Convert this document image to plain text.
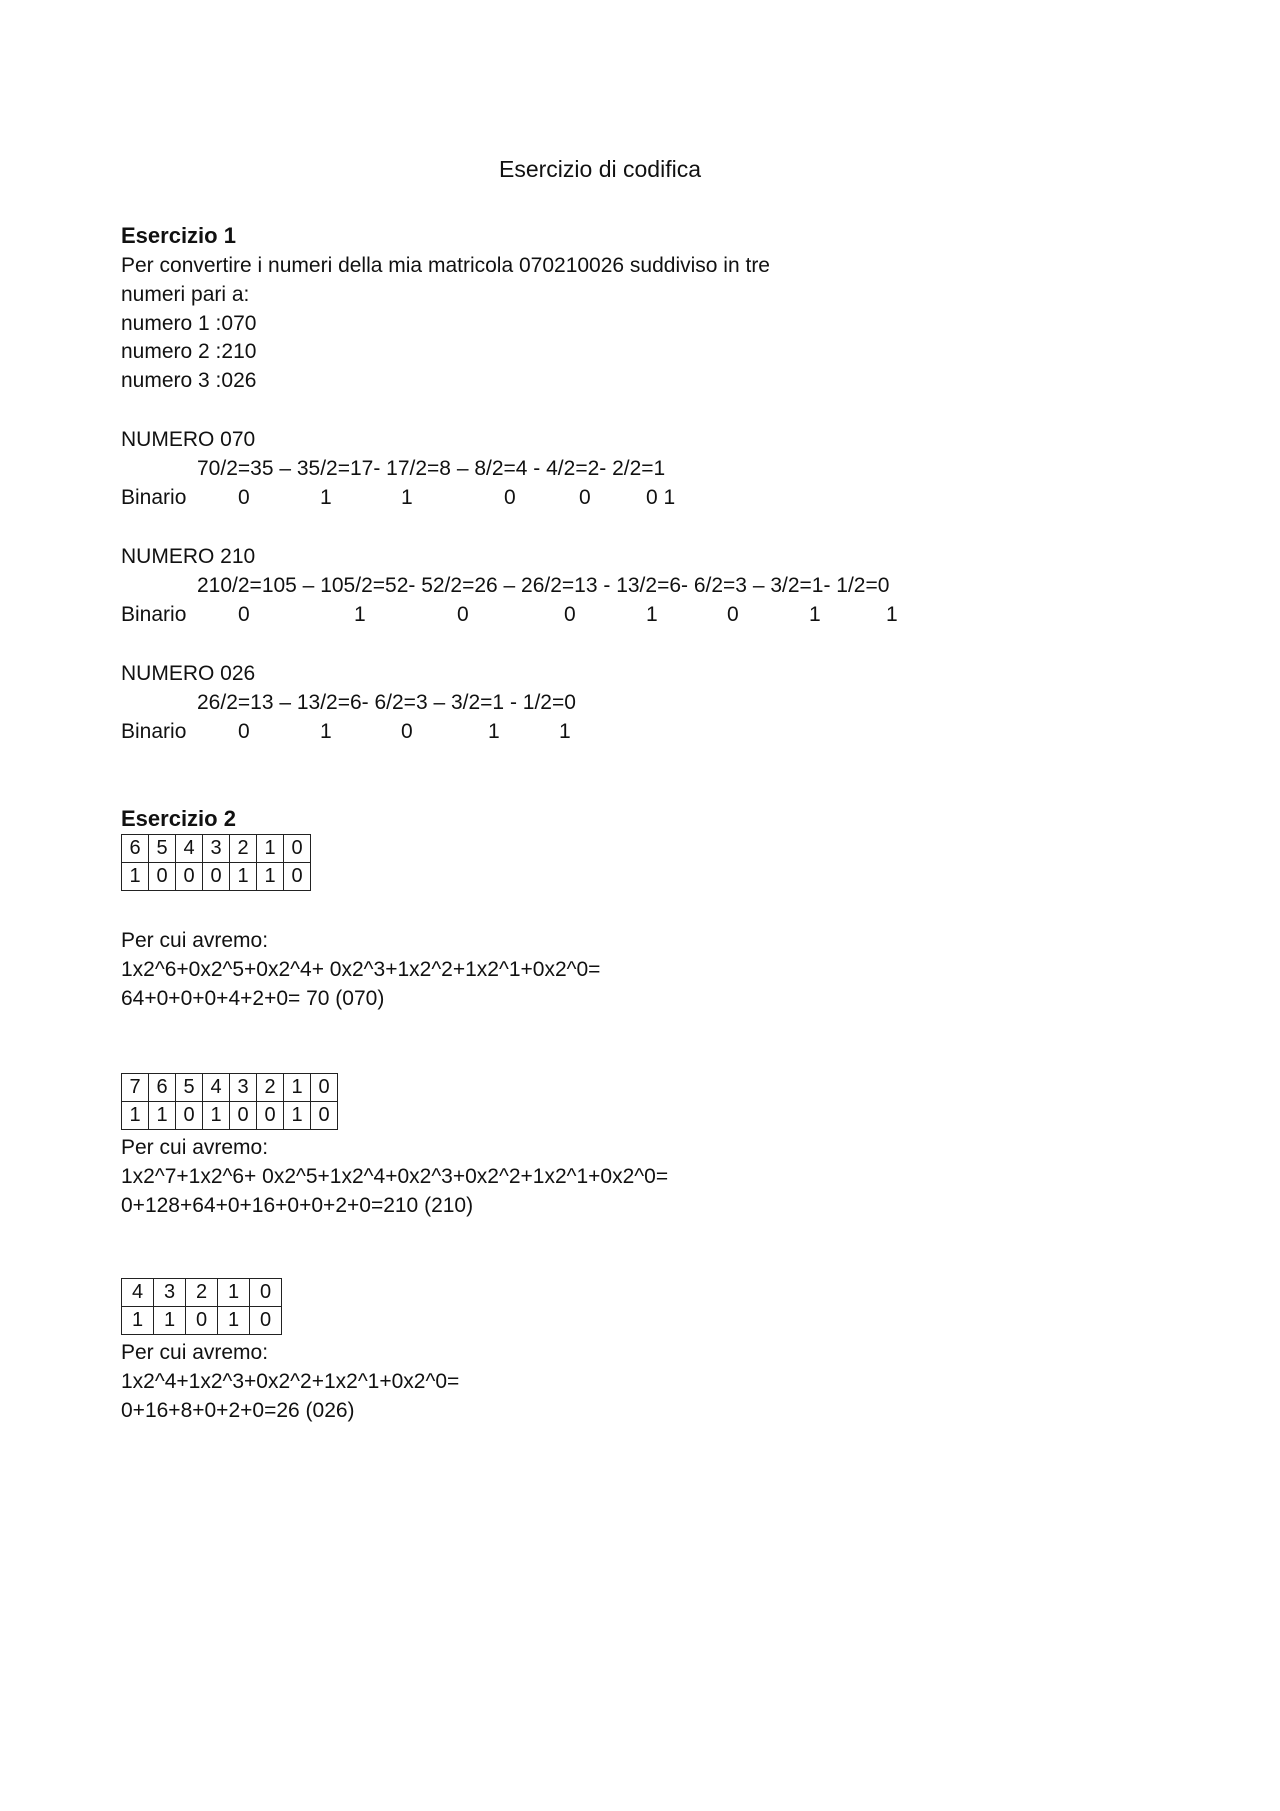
Esercizio di codifica
Esercizio 1
Per convertire i numeri della mia matricola 070210026 suddiviso in tre
numeri pari a:
numero 1 :070
numero 2 :210
numero 3 :026
NUMERO 070
70/2=35 – 35/2=17- 17/2=8 – 8/2=4 - 4/2=2- 2/2=1
Binario 0	1	1	0	0	0 1
NUMERO 210
210/2=105 – 105/2=52- 52/2=26 – 26/2=13 - 13/2=6- 6/2=3 – 3/2=1- 1/2=0
Binario 0	1	0	0	1	0	1	1
NUMERO 026
26/2=13 – 13/2=6- 6/2=3 – 3/2=1 - 1/2=0
Binario 0	1	0	1	1
Esercizio 2
6	5	4	3	2	1	0
1	0	0	0	1	1	0
Per cui avremo:
1x2^6+0x2^5+0x2^4+ 0x2^3+1x2^2+1x2^1+0x2^0=
64+0+0+0+4+2+0= 70 (070)
7	6	5	4	3	2	1	0
1	1	0	1	0	0	1	0
Per cui avremo:
1x2^7+1x2^6+ 0x2^5+1x2^4+0x2^3+0x2^2+1x2^1+0x2^0=
0+128+64+0+16+0+0+2+0=210 (210)
4	3	2	1	0
1	1	0	1	0
Per cui avremo:
1x2^4+1x2^3+0x2^2+1x2^1+0x2^0=
0+16+8+0+2+0=26 (026)
